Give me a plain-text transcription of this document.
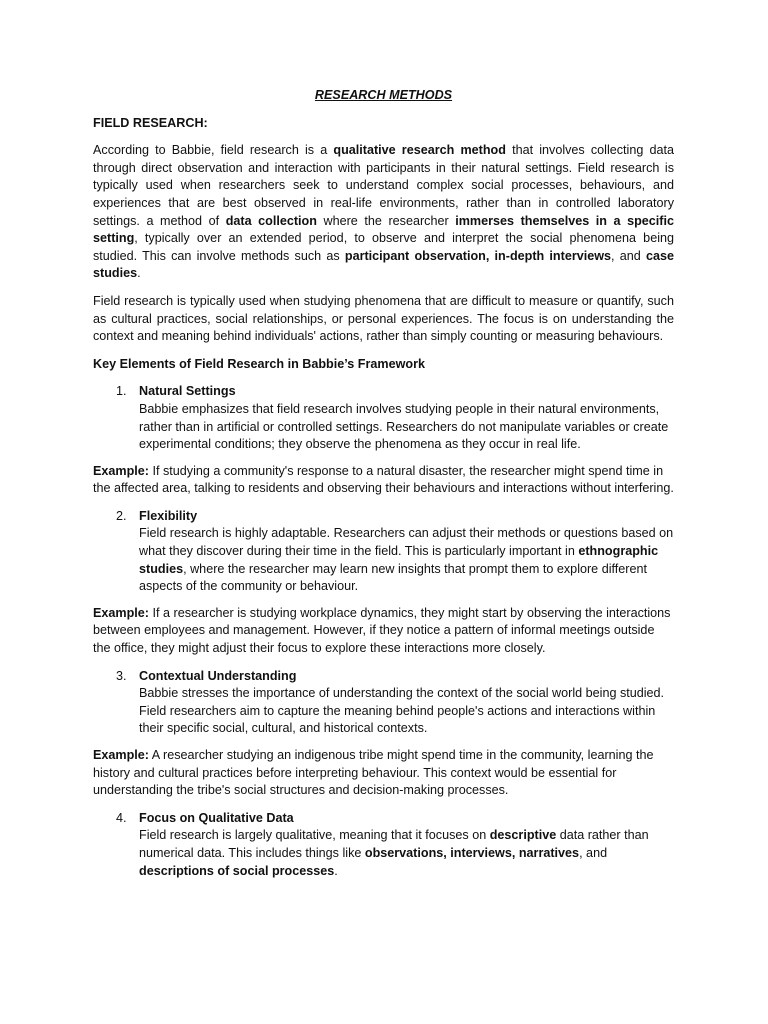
RESEARCH METHODS
FIELD RESEARCH:

According to Babbie, field research is a qualitative research method that involves collecting data through direct observation and interaction with participants in their natural settings. Field research is typically used when researchers seek to understand complex social processes, behaviours, and experiences that are best observed in real-life environments, rather than in controlled laboratory settings. a method of data collection where the researcher immerses themselves in a specific setting, typically over an extended period, to observe and interpret the social phenomena being studied. This can involve methods such as participant observation, in-depth interviews, and case studies.

Field research is typically used when studying phenomena that are difficult to measure or quantify, such as cultural practices, social relationships, or personal experiences. The focus is on understanding the context and meaning behind individuals' actions, rather than simply counting or measuring behaviours.

Key Elements of Field Research in Babbie’s Framework
1. Natural Settings
Babbie emphasizes that field research involves studying people in their natural environments, rather than in artificial or controlled settings. Researchers do not manipulate variables or create experimental conditions; they observe the phenomena as they occur in real life.

Example: If studying a community's response to a natural disaster, the researcher might spend time in the affected area, talking to residents and observing their behaviours and interactions without interfering.

2. Flexibility
Field research is highly adaptable. Researchers can adjust their methods or questions based on what they discover during their time in the field. This is particularly important in ethnographic studies, where the researcher may learn new insights that prompt them to explore different aspects of the community or behaviour.

Example: If a researcher is studying workplace dynamics, they might start by observing the interactions between employees and management. However, if they notice a pattern of informal meetings outside the office, they might adjust their focus to explore these interactions more closely.

3. Contextual Understanding
Babbie stresses the importance of understanding the context of the social world being studied. Field researchers aim to capture the meaning behind people's actions and interactions within their specific social, cultural, and historical contexts.

Example: A researcher studying an indigenous tribe might spend time in the community, learning the history and cultural practices before interpreting behaviour. This context would be essential for understanding the tribe's social structures and decision-making processes.

4. Focus on Qualitative Data
Field research is largely qualitative, meaning that it focuses on descriptive data rather than numerical data. This includes things like observations, interviews, narratives, and descriptions of social processes.
